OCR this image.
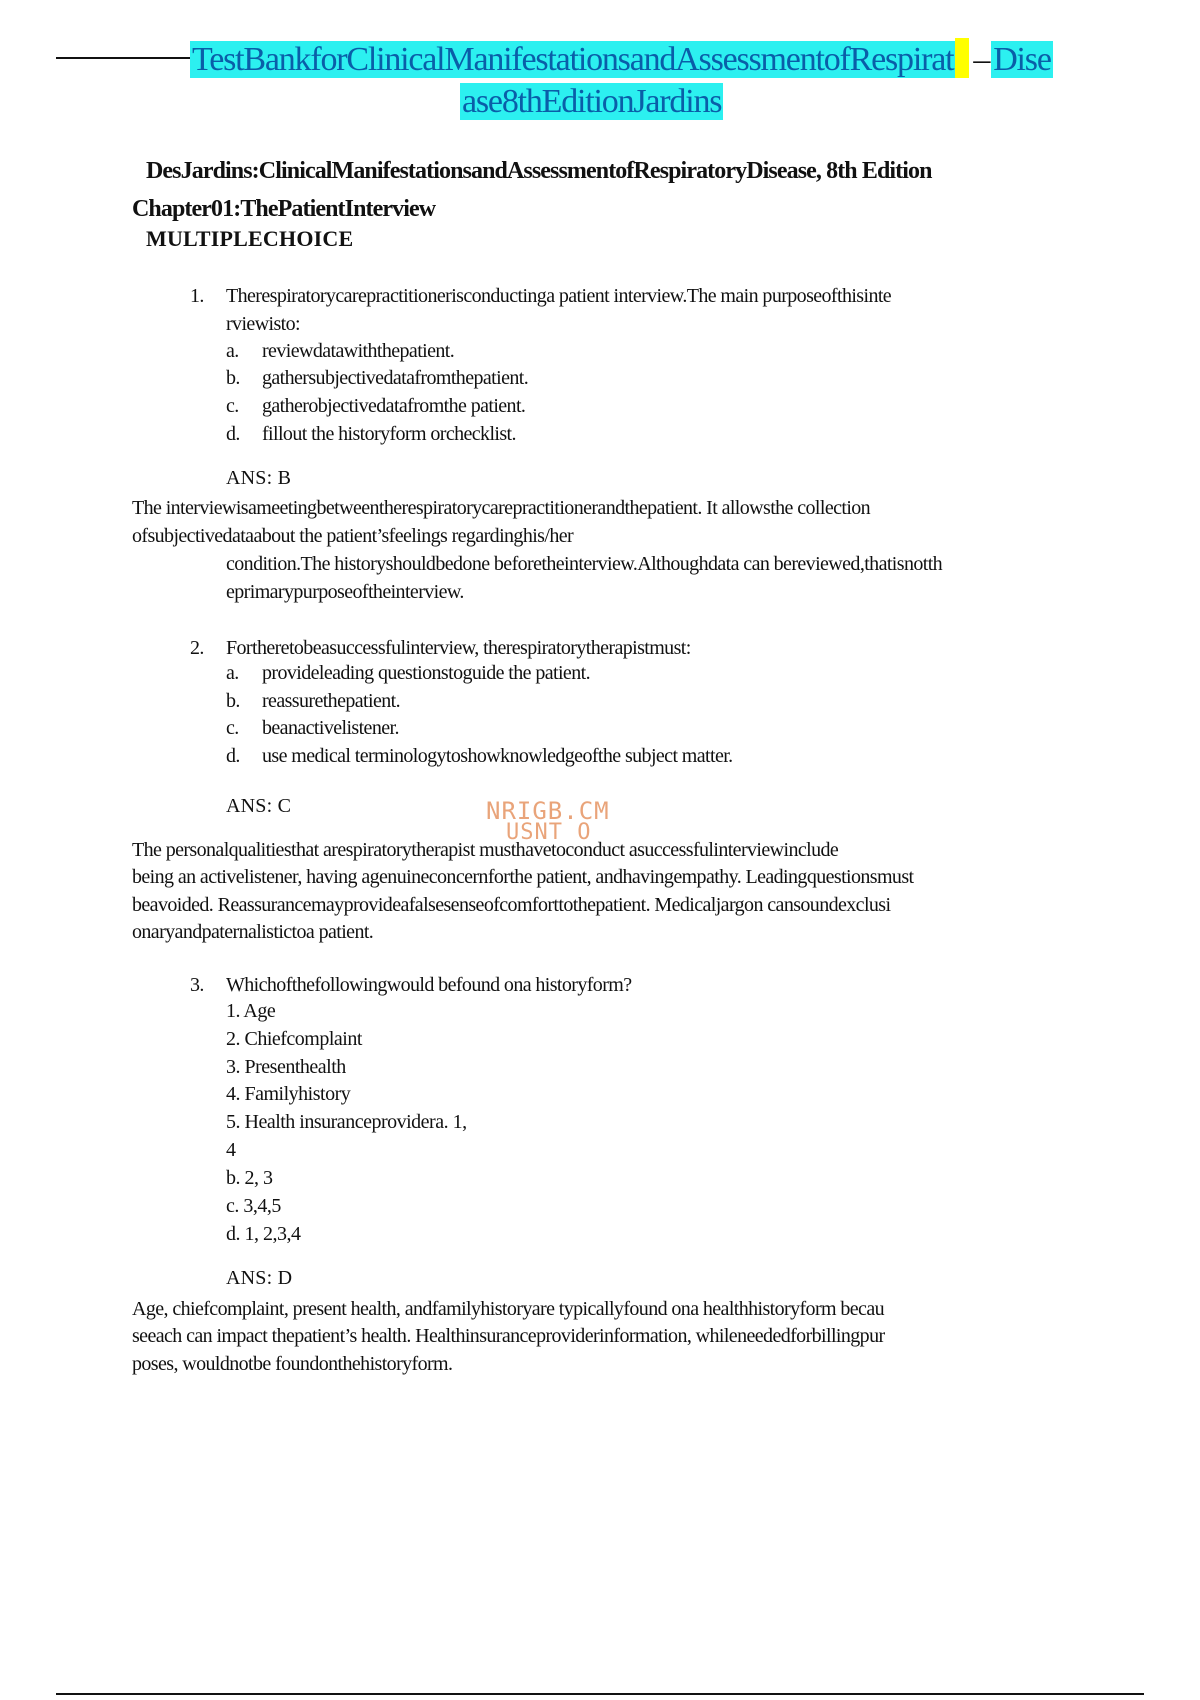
TestBankforClinicalManifestationsandAssessmentofRespirat – Dise
ase8thEditionJardins
DesJardins:ClinicalManifestationsandAssessmentofRespiratoryDisease, 8th Edition
Chapter01:ThePatientInterview
MULTIPLECHOICE
1. Therespiratorycarepractitionerisconductinga patient interview.The main purposeofthisinte
rviewisto:
a. reviewdatawiththepatient.
b. gathersubjectivedatafromthepatient.
c. gatherobjectivedatafromthe patient.
d. fillout the historyform orchecklist.
ANS: B
The interviewisameetingbetweentherespiratorycarepractitionerandthepatient. It allowsthe collection
ofsubjectivedataabout the patient’sfeelings regardinghis/her
condition.The historyshouldbedone beforetheinterview.Althoughdata can bereviewed,thatisnotth
eprimarypurposeoftheinterview.
2. Fortheretobeasuccessfulinterview, therespiratorytherapistmust:
a. provideleading questionstoguide the patient.
b. reassurethepatient.
c. beanactivelistener.
d. use medical terminologytoshowknowledgeofthe subject matter.
ANS: C
The personalqualitiesthat arespiratorytherapist musthavetoconduct asuccessfulinterviewinclude
being an activelistener, having agenuineconcernforthe patient, andhavingempathy. Leadingquestionsmust
beavoided. Reassurancemayprovideafalsesenseofcomforttothepatient. Medicaljargon cansoundexclusi
onaryandpaternalistictoa patient.
3. Whichofthefollowingwould befound ona historyform?
1. Age
2. Chiefcomplaint
3. Presenthealth
4. Familyhistory
5. Health insuranceprovidera. 1,
4
b. 2, 3
c. 3,4,5
d. 1, 2,3,4
ANS: D
Age, chiefcomplaint, present health, andfamilyhistoryare typicallyfound ona healthhistoryform becau
seeach can impact thepatient’s health. Healthinsuranceproviderinformation, whileneededforbillingpur
poses, wouldnotbe foundonthehistoryform.
NRIGB.CM
USNT O
